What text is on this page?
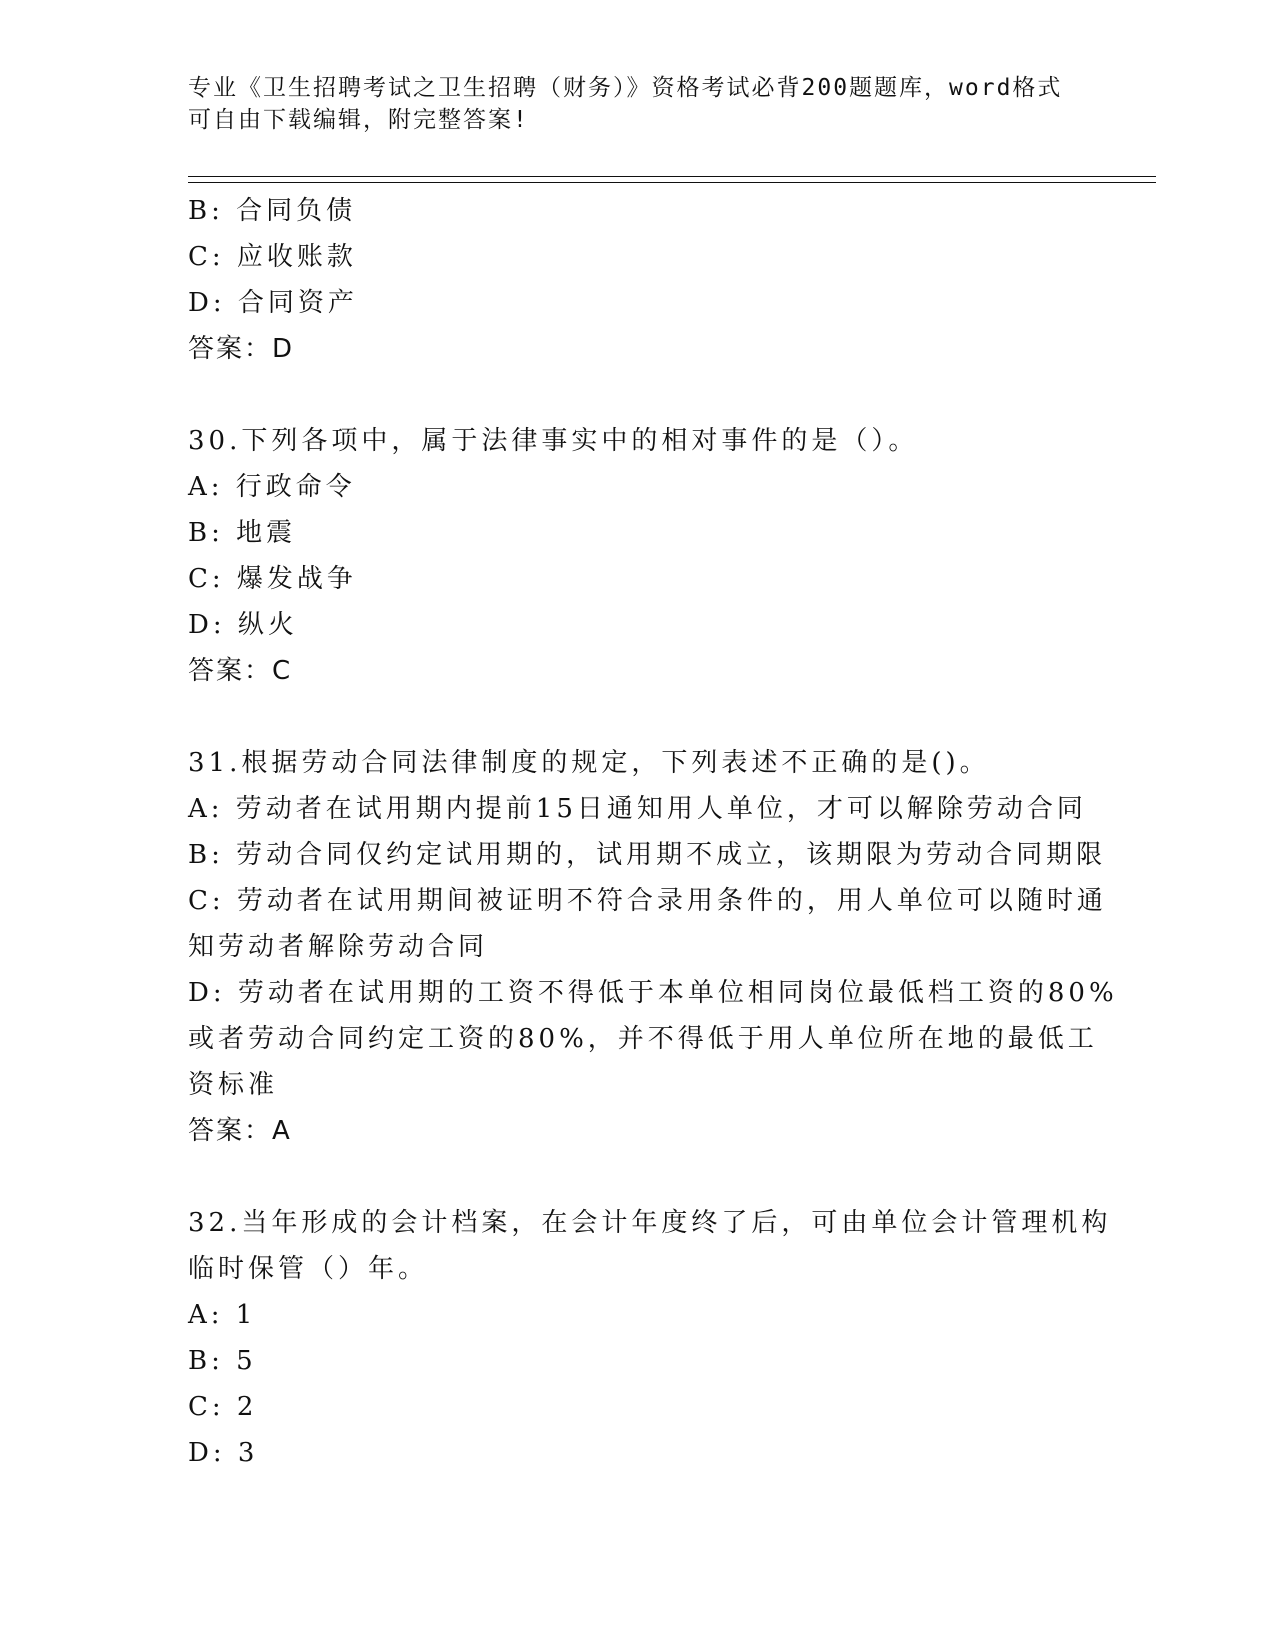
专业《卫生招聘考试之卫生招聘（财务）》资格考试必背200题题库，word格式
可自由下载编辑，附完整答案!
B: 合同负债
C: 应收账款
D: 合同资产
答案：D
30.下列各项中，属于法律事实中的相对事件的是（）。
A: 行政命令
B: 地震
C: 爆发战争
D: 纵火
答案：C
31.根据劳动合同法律制度的规定，下列表述不正确的是()。
A: 劳动者在试用期内提前15日通知用人单位，才可以解除劳动合同
B: 劳动合同仅约定试用期的，试用期不成立，该期限为劳动合同期限
C: 劳动者在试用期间被证明不符合录用条件的，用人单位可以随时通
知劳动者解除劳动合同
D: 劳动者在试用期的工资不得低于本单位相同岗位最低档工资的80%
或者劳动合同约定工资的80%，并不得低于用人单位所在地的最低工
资标准
答案：A
32.当年形成的会计档案，在会计年度终了后，可由单位会计管理机构
临时保管（）年。
A: 1
B: 5
C: 2
D: 3
